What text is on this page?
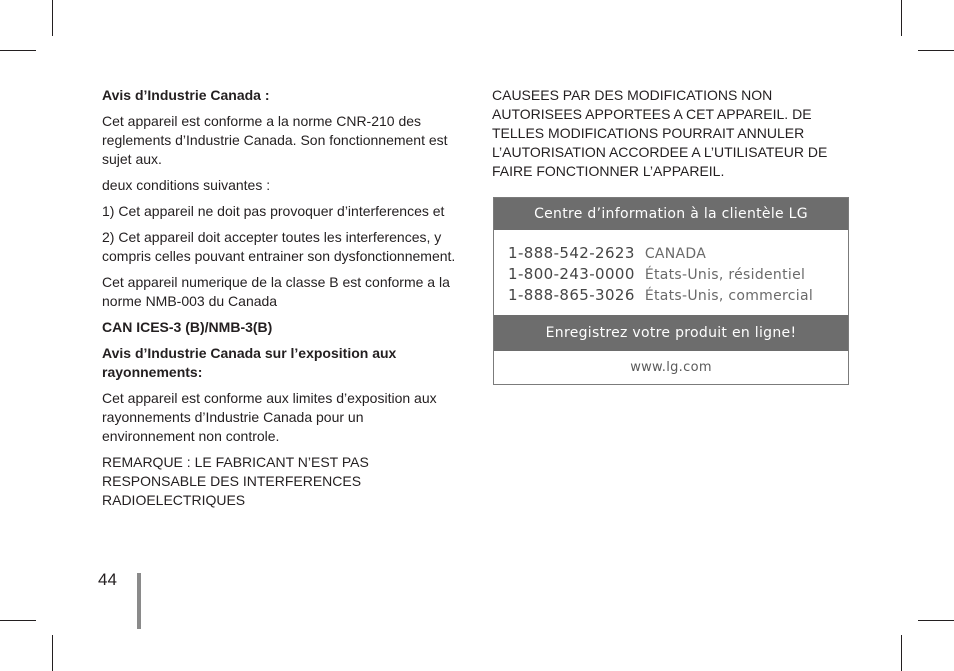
Avis d’Industrie Canada :

Cet appareil est conforme a la norme CNR-210 des reglements d’Industrie Canada. Son fonctionnement est sujet aux.

deux conditions suivantes :

1) Cet appareil ne doit pas provoquer d’interferences et

2) Cet appareil doit accepter toutes les interferences, y compris celles pouvant entrainer son dysfonctionnement.

Cet appareil numerique de la classe B est conforme a la norme NMB-003 du Canada

CAN ICES-3 (B)/NMB-3(B)

Avis d’Industrie Canada sur l’exposition aux rayonnements:

Cet appareil est conforme aux limites d’exposition aux rayonnements d’Industrie Canada pour un environnement non controle.

REMARQUE : LE FABRICANT N’EST PAS RESPONSABLE DES INTERFERENCES RADIOELECTRIQUES

CAUSEES PAR DES MODIFICATIONS NON AUTORISEES APPORTEES A CET APPAREIL. DE TELLES MODIFICATIONS POURRAIT ANNULER L’AUTORISATION ACCORDEE A L’UTILISATEUR DE FAIRE FONCTIONNER L’APPAREIL.

Centre d’information à la clientèle LG
1-888-542-2623 CANADA
1-800-243-0000 États-Unis, résidentiel
1-888-865-3026 États-Unis, commercial
Enregistrez votre produit en ligne!
www.lg.com
44
